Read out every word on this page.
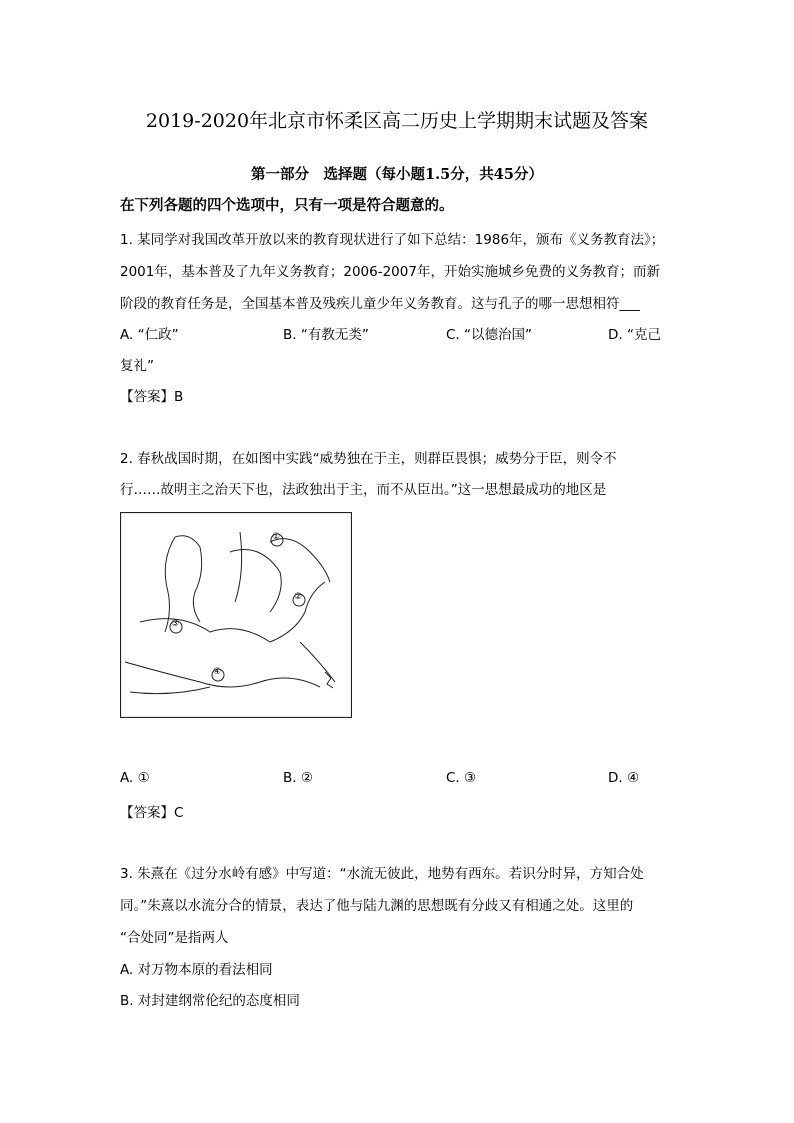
2019-2020年北京市怀柔区高二历史上学期期末试题及答案
第一部分　选择题（每小题1.5分，共45分）
在下列各题的四个选项中，只有一项是符合题意的。
1. 某同学对我国改革开放以来的教育现状进行了如下总结：1986年，颁布《义务教育法》；
2001年，基本普及了九年义务教育；2006-2007年，开始实施城乡免费的义务教育；而新
阶段的教育任务是，全国基本普及残疾儿童少年义务教育。这与孔子的哪一思想相符___
A. “仁政”	B. “有教无类”	C. “以德治国”	D. “克己
复礼”
【答案】B
2. 春秋战国时期，在如图中实践“威势独在于主，则群臣畏惧；威势分于臣，则令不
行……故明主之治天下也，法政独出于主，而不从臣出。”这一思想最成功的地区是
①
②
③
④
A. ①	B. ②	C. ③	D. ④
【答案】C
3. 朱熹在《过分水岭有感》中写道：“水流无彼此，地势有西东。若识分时异，方知合处
同。”朱熹以水流分合的情景，表达了他与陆九渊的思想既有分歧又有相通之处。这里的
“合处同”是指两人
A. 对万物本原的看法相同
B. 对封建纲常伦纪的态度相同
